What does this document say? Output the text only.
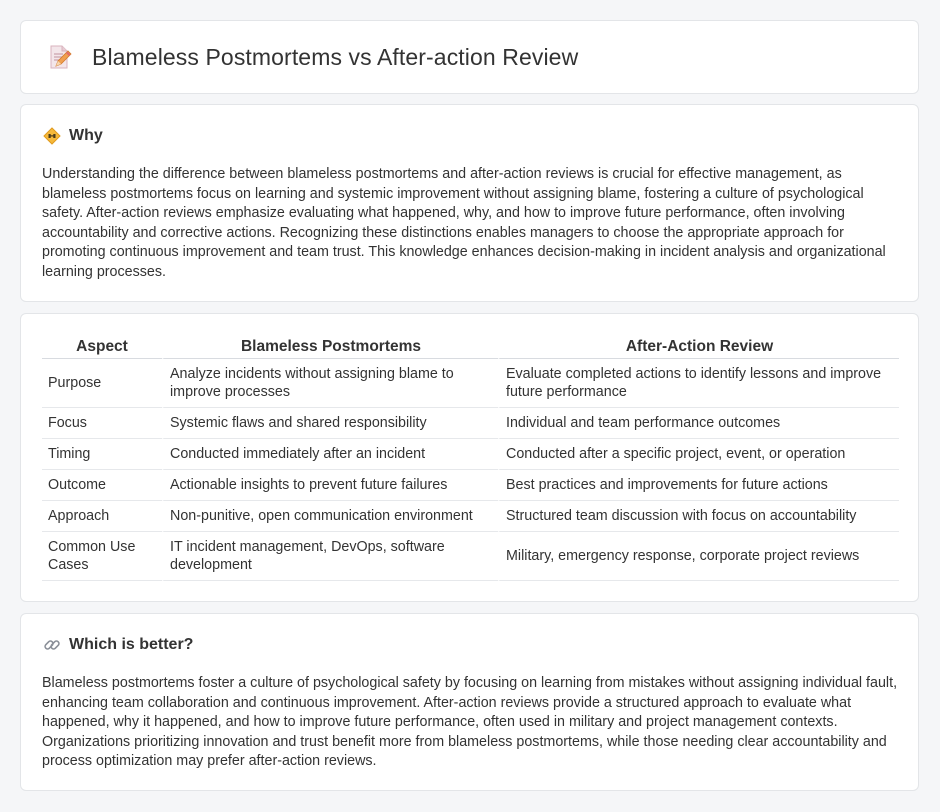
Blameless Postmortems vs After-action Review
Why

Understanding the difference between blameless postmortems and after-action reviews is crucial for effective management, as blameless postmortems focus on learning and systemic improvement without assigning blame, fostering a culture of psychological safety. After-action reviews emphasize evaluating what happened, why, and how to improve future performance, often involving accountability and corrective actions. Recognizing these distinctions enables managers to choose the appropriate approach for promoting continuous improvement and team trust. This knowledge enhances decision-making in incident analysis and organizational learning processes.

Aspect	Blameless Postmortems	After-Action Review
Purpose	Analyze incidents without assigning blame to improve processes	Evaluate completed actions to identify lessons and improve future performance
Focus	Systemic flaws and shared responsibility	Individual and team performance outcomes
Timing	Conducted immediately after an incident	Conducted after a specific project, event, or operation
Outcome	Actionable insights to prevent future failures	Best practices and improvements for future actions
Approach	Non-punitive, open communication environment	Structured team discussion with focus on accountability
Common Use Cases	IT incident management, DevOps, software development	Military, emergency response, corporate project reviews
Which is better?

Blameless postmortems foster a culture of psychological safety by focusing on learning from mistakes without assigning individual fault, enhancing team collaboration and continuous improvement. After-action reviews provide a structured approach to evaluate what happened, why it happened, and how to improve future performance, often used in military and project management contexts. Organizations prioritizing innovation and trust benefit more from blameless postmortems, while those needing clear accountability and process optimization may prefer after-action reviews.
